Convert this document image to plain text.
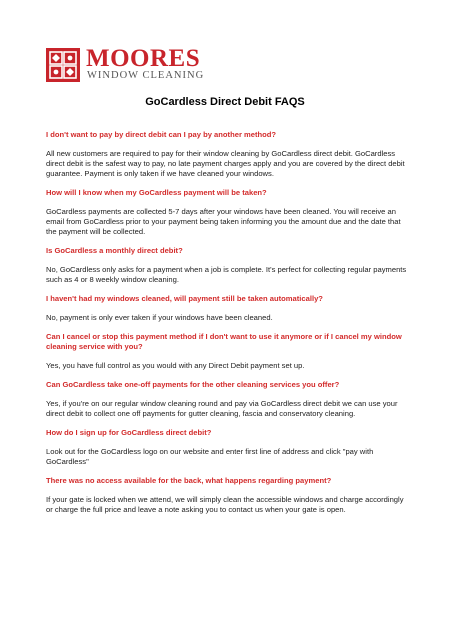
MOORES
WINDOW CLEANING
GoCardless Direct Debit FAQS

I don't want to pay by direct debit can I pay by another method?

All new customers are required to pay for their window cleaning by GoCardless direct debit. GoCardless direct debit is the safest way to pay, no late payment charges apply and you are covered by the direct debit guarantee. Payment is only taken if we have cleaned your windows.

How will I know when my GoCardless payment will be taken?

GoCardless payments are collected 5-7 days after your windows have been cleaned. You will receive an email from GoCardless prior to your payment being taken informing you the amount due and the date that the payment will be collected.

Is GoCardless a monthly direct debit?

No, GoCardless only asks for a payment when a job is complete. It's perfect for collecting regular payments such as 4 or 8 weekly window cleaning.

I haven't had my windows cleaned, will payment still be taken automatically?

No, payment is only ever taken if your windows have been cleaned.

Can I cancel or stop this payment method if I don't want to use it anymore or if I cancel my window cleaning service with you?

Yes, you have full control as you would with any Direct Debit payment set up.

Can GoCardless take one-off payments for the other cleaning services you offer?

Yes, if you're on our regular window cleaning round and pay via GoCardless direct debit we can use your direct debit to collect one off payments for gutter cleaning, fascia and conservatory cleaning.

How do I sign up for GoCardless direct debit?

Look out for the GoCardless logo on our website and enter first line of address and click "pay with GoCardless"

There was no access available for the back, what happens regarding payment?

If your gate is locked when we attend, we will simply clean the accessible windows and charge accordingly or charge the full price and leave a note asking you to contact us when your gate is open.
